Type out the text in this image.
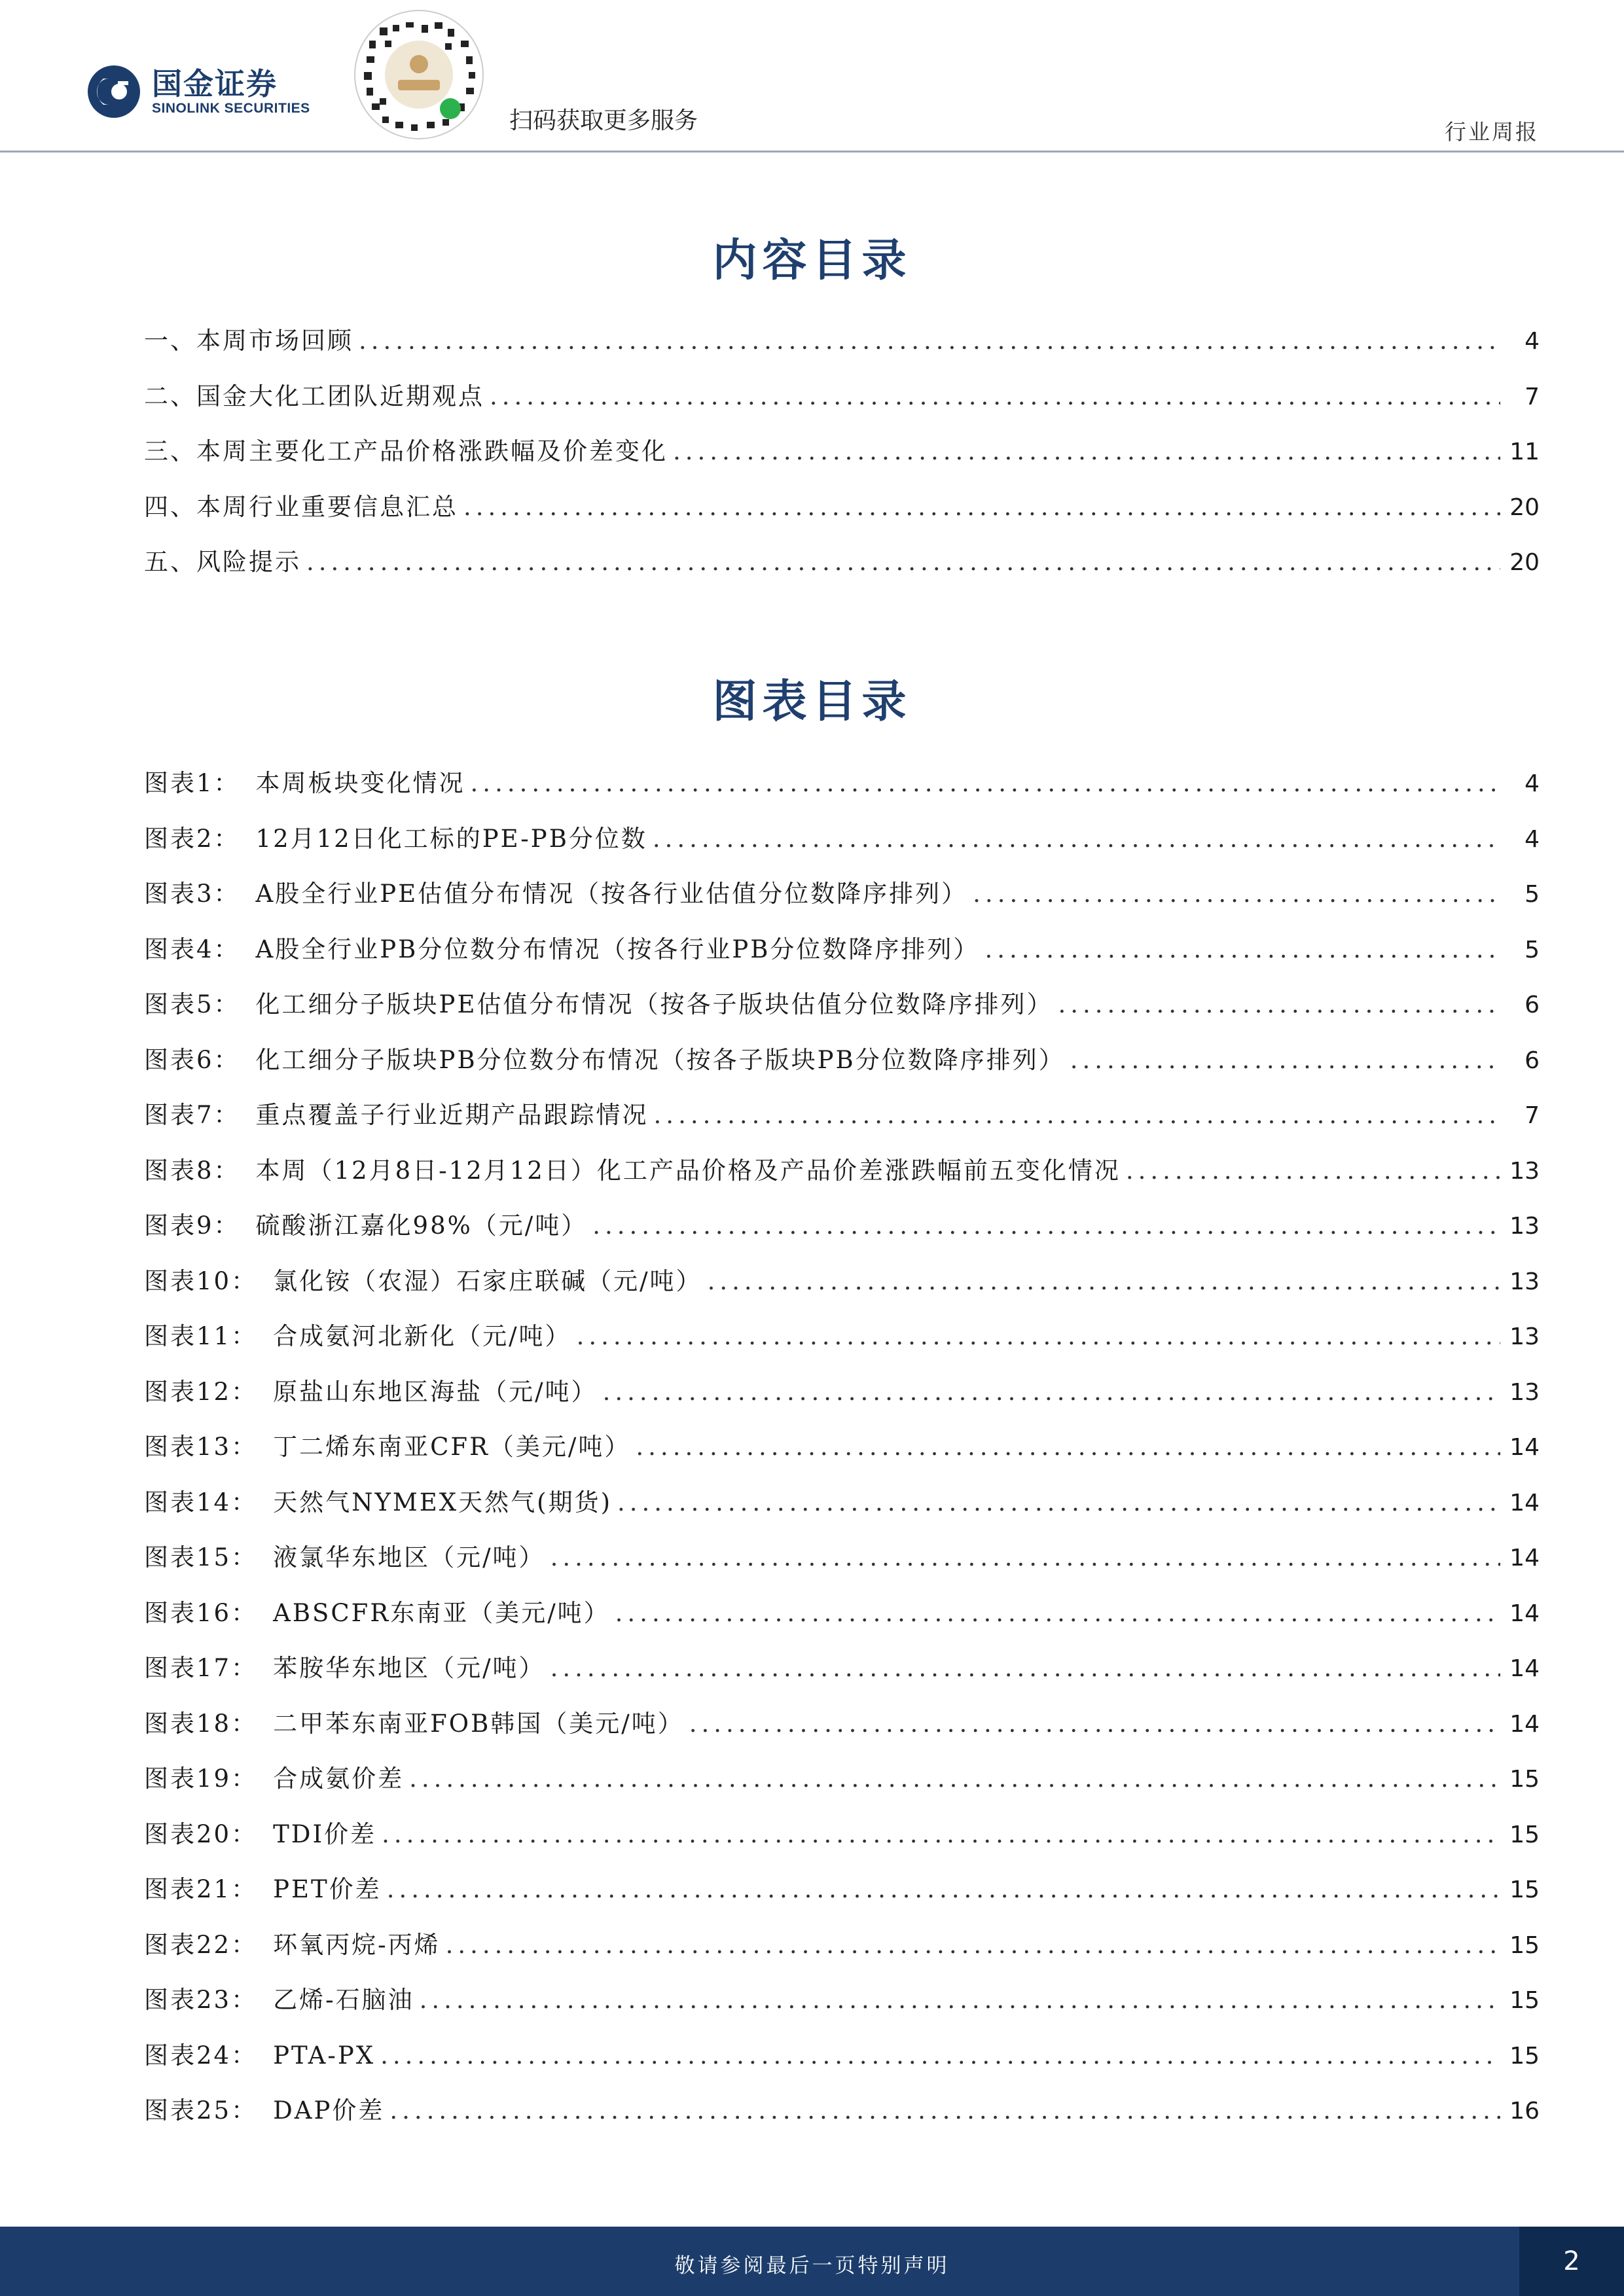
国金证券
SINOLINK SECURITIES	扫码获取更多服务	行业周报
内容目录
一、本周市场回顾 .....	4
二、国金大化工团队近期观点 .....	7
三、本周主要化工产品价格涨跌幅及价差变化 .....	11
四、本周行业重要信息汇总 .....	20
五、风险提示 .....	20
图表目录
图表1： 本周板块变化情况 .....	4
图表2： 12月12日化工标的PE-PB分位数 .....	4
图表3： A股全行业PE估值分布情况（按各行业估值分位数降序排列） .....	5
图表4： A股全行业PB分位数分布情况（按各行业PB分位数降序排列） .....	5
图表5： 化工细分子版块PE估值分布情况（按各子版块估值分位数降序排列） .....	6
图表6： 化工细分子版块PB分位数分布情况（按各子版块PB分位数降序排列） .....	6
图表7： 重点覆盖子行业近期产品跟踪情况 .....	7
图表8： 本周（12月8日-12月12日）化工产品价格及产品价差涨跌幅前五变化情况 .....	13
图表9： 硫酸浙江嘉化98%（元/吨） .....	13
图表10： 氯化铵（农湿）石家庄联碱（元/吨） .....	13
图表11： 合成氨河北新化（元/吨） .....	13
图表12： 原盐山东地区海盐（元/吨） .....	13
图表13： 丁二烯东南亚CFR（美元/吨） .....	14
图表14： 天然气NYMEX天然气(期货) .....	14
图表15： 液氯华东地区（元/吨） .....	14
图表16： ABSCFR东南亚（美元/吨） .....	14
图表17： 苯胺华东地区（元/吨） .....	14
图表18： 二甲苯东南亚FOB韩国（美元/吨） .....	14
图表19： 合成氨价差 .....	15
图表20： TDI价差 .....	15
图表21： PET价差 .....	15
图表22： 环氧丙烷-丙烯 .....	15
图表23： 乙烯-石脑油 .....	15
图表24： PTA-PX .....	15
图表25： DAP价差 .....	16
敬请参阅最后一页特别声明	2
